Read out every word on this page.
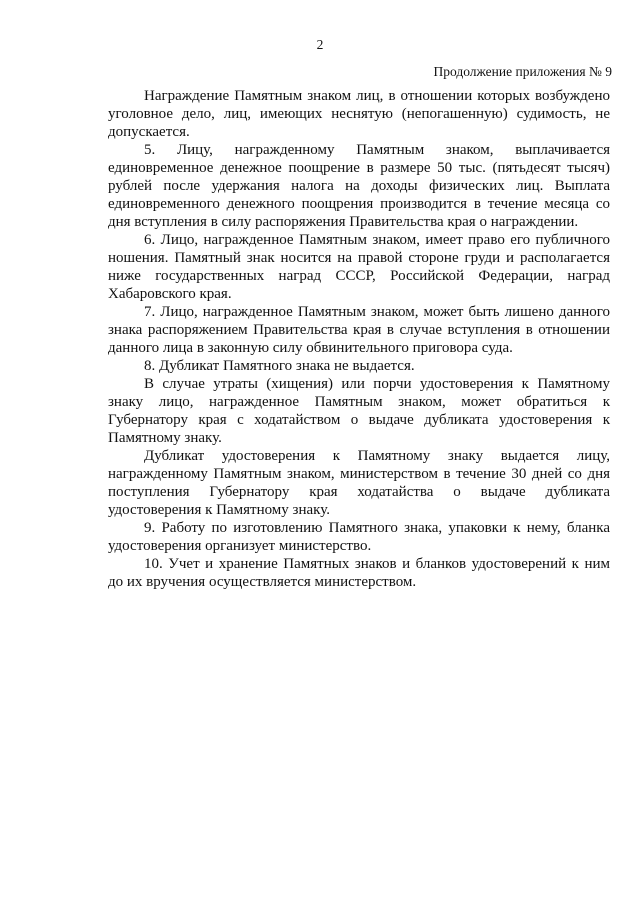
2
Продолжение приложения № 9

Награждение Памятным знаком лиц, в отношении которых возбуждено уголовное дело, лиц, имеющих неснятую (непогашенную) судимость, не допускается.

5. Лицу, награжденному Памятным знаком, выплачивается единовременное денежное поощрение в размере 50 тыс. (пятьдесят тысяч) рублей после удержания налога на доходы физических лиц. Выплата единовременного денежного поощрения производится в течение месяца со дня вступления в силу распоряжения Правительства края о награждении.

6. Лицо, награжденное Памятным знаком, имеет право его публичного ношения. Памятный знак носится на правой стороне груди и располагается ниже государственных наград СССР, Российской Федерации, наград Хабаровского края.

7. Лицо, награжденное Памятным знаком, может быть лишено данного знака распоряжением Правительства края в случае вступления в отношении данного лица в законную силу обвинительного приговора суда.

8. Дубликат Памятного знака не выдается.

В случае утраты (хищения) или порчи удостоверения к Памятному знаку лицо, награжденное Памятным знаком, может обратиться к Губернатору края с ходатайством о выдаче дубликата удостоверения к Памятному знаку.

Дубликат удостоверения к Памятному знаку выдается лицу, награжденному Памятным знаком, министерством в течение 30 дней со дня поступления Губернатору края ходатайства о выдаче дубликата удостоверения к Памятному знаку.

9. Работу по изготовлению Памятного знака, упаковки к нему, бланка удостоверения организует министерство.

10. Учет и хранение Памятных знаков и бланков удостоверений к ним до их вручения осуществляется министерством.
